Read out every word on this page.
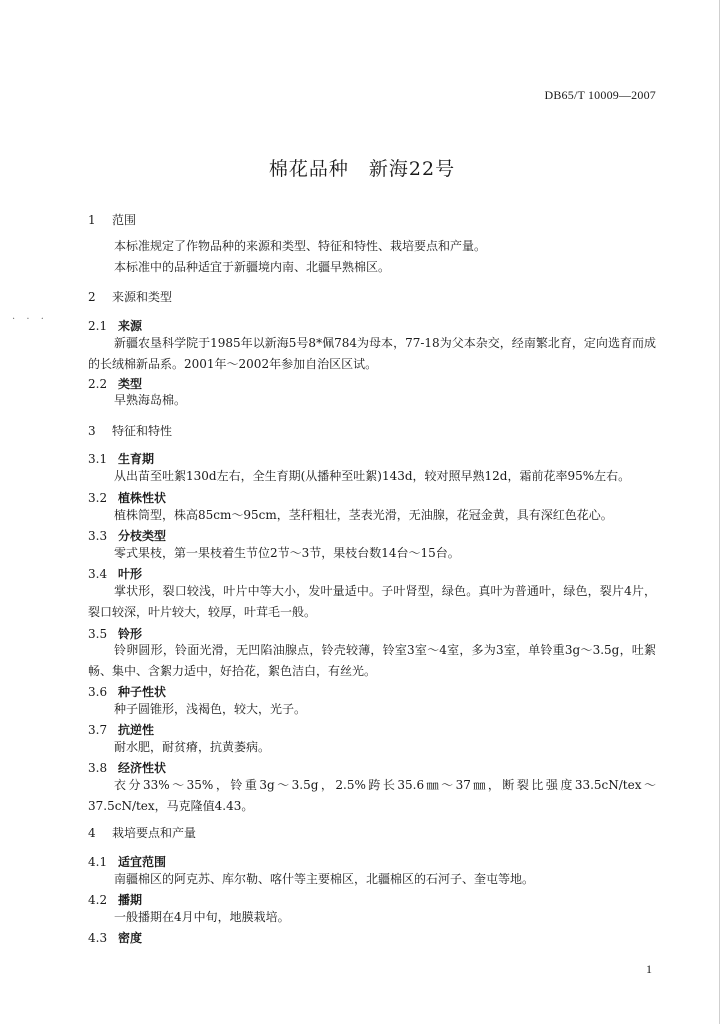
· · ·
DB65/T 10009—2007
棉花品种　新海22号
1 范围
本标准规定了作物品种的来源和类型、特征和特性、栽培要点和产量。
本标准中的品种适宜于新疆境内南、北疆早熟棉区。
2 来源和类型
2.1 来源
新疆农垦科学院于1985年以新海5号8*佩784为母本，77-18为父本杂交，经南繁北育，定向选育而成的长绒棉新品系。2001年～2002年参加自治区区试。
2.2 类型
早熟海岛棉。
3 特征和特性
3.1 生育期
从出苗至吐絮130d左右，全生育期(从播种至吐絮)143d，较对照早熟12d，霜前花率95%左右。
3.2 植株性状
植株筒型，株高85cm～95cm，茎秆粗壮，茎表光滑，无油腺，花冠金黄，具有深红色花心。
3.3 分枝类型
零式果枝，第一果枝着生节位2节～3节，果枝台数14台～15台。
3.4 叶形
掌状形，裂口较浅，叶片中等大小，发叶量适中。子叶肾型，绿色。真叶为普通叶，绿色，裂片4片，裂口较深，叶片较大，较厚，叶茸毛一般。
3.5 铃形
铃卵圆形，铃面光滑，无凹陷油腺点，铃壳较薄，铃室3室～4室，多为3室，单铃重3g～3.5g，吐絮畅、集中、含絮力适中，好拾花，絮色洁白，有丝光。
3.6 种子性状
种子圆锥形，浅褐色，较大，光子。
3.7 抗逆性
耐水肥，耐贫瘠，抗黄萎病。
3.8 经济性状
衣分33%～35%，铃重3g～3.5g，2.5%跨长35.6㎜～37㎜，断裂比强度33.5cN/tex～37.5cN/tex，马克隆值4.43。
4 栽培要点和产量
4.1 适宜范围
南疆棉区的阿克苏、库尔勒、喀什等主要棉区，北疆棉区的石河子、奎屯等地。
4.2 播期
一般播期在4月中旬，地膜栽培。
4.3 密度
1
